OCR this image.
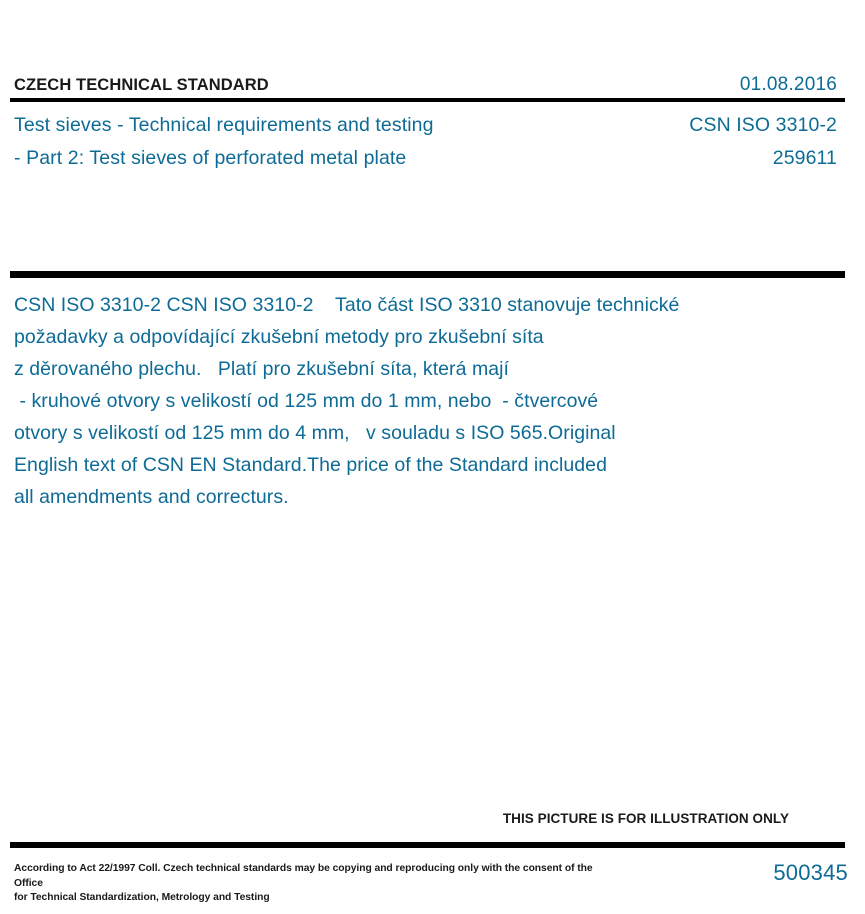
CZECH TECHNICAL STANDARD	01.08.2016
Test sieves - Technical requirements and testing	CSN ISO 3310-2
- Part 2: Test sieves of perforated metal plate	259611
CSN ISO 3310-2 CSN ISO 3310-2    Tato část ISO 3310 stanovuje technické
požadavky a odpovídající zkušební metody pro zkušební síta
z děrovaného plechu.   Platí pro zkušební síta, která mají
- kruhové otvory s velikostí od 125 mm do 1 mm, nebo  - čtvercové
otvory s velikostí od 125 mm do 4 mm,   v souladu s ISO 565.Original
English text of CSN EN Standard.The price of the Standard included
all amendments and correcturs.
THIS PICTURE IS FOR ILLUSTRATION ONLY
According to Act 22/1997 Coll. Czech technical standards may be copying and reproducing only with the consent of the Office
for Technical Standardization, Metrology and Testing
500345
